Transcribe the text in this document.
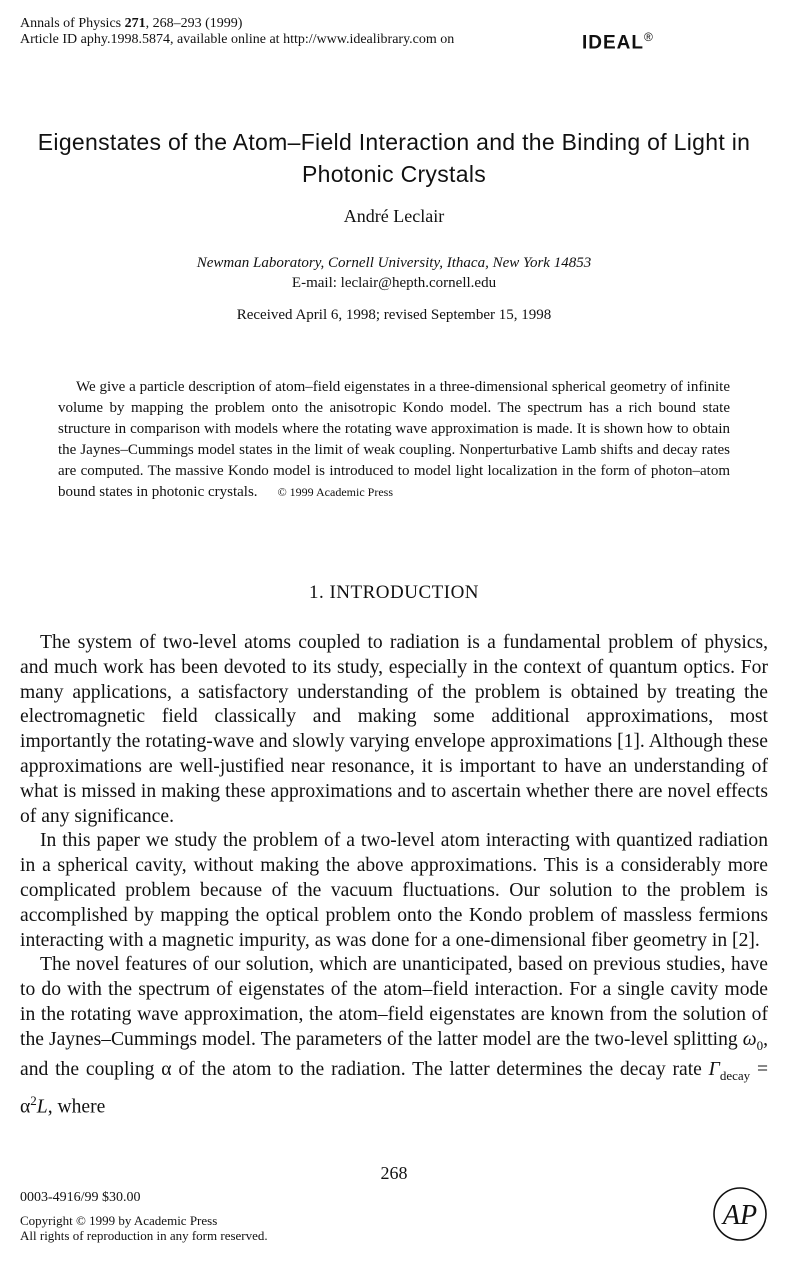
Annals of Physics 271, 268–293 (1999)
Article ID aphy.1998.5874, available online at http://www.idealibrary.com on	IDEAL®
Eigenstates of the Atom–Field Interaction and the Binding of Light in Photonic Crystals
André Leclair
Newman Laboratory, Cornell University, Ithaca, New York 14853
E-mail: leclair@hepth.cornell.edu
Received April 6, 1998; revised September 15, 1998
We give a particle description of atom–field eigenstates in a three-dimensional spherical geometry of infinite volume by mapping the problem onto the anisotropic Kondo model. The spectrum has a rich bound state structure in comparison with models where the rotating wave approximation is made. It is shown how to obtain the Jaynes–Cummings model states in the limit of weak coupling. Nonperturbative Lamb shifts and decay rates are computed. The massive Kondo model is introduced to model light localization in the form of photon–atom bound states in photonic crystals. © 1999 Academic Press
1. INTRODUCTION

The system of two-level atoms coupled to radiation is a fundamental problem of physics, and much work has been devoted to its study, especially in the context of quantum optics. For many applications, a satisfactory understanding of the problem is obtained by treating the electromagnetic field classically and making some additional approximations, most importantly the rotating-wave and slowly varying envelope approximations [1]. Although these approximations are well-justified near resonance, it is important to have an understanding of what is missed in making these approximations and to ascertain whether there are novel effects of any significance.

In this paper we study the problem of a two-level atom interacting with quantized radiation in a spherical cavity, without making the above approximations. This is a considerably more complicated problem because of the vacuum fluctuations. Our solution to the problem is accomplished by mapping the optical problem onto the Kondo problem of massless fermions interacting with a magnetic impurity, as was done for a one-dimensional fiber geometry in [2].

The novel features of our solution, which are unanticipated, based on previous studies, have to do with the spectrum of eigenstates of the atom–field interaction. For a single cavity mode in the rotating wave approximation, the atom–field eigenstates are known from the solution of the Jaynes–Cummings model. The parameters of the latter model are the two-level splitting $\omega_0$, and the coupling α of the atom to the radiation. The latter determines the decay rate $\Gamma_{decay} = \alpha^2L$, where

268
0003-4916/99 $30.00
Copyright © 1999 by Academic Press
All rights of reproduction in any form reserved.
AP
